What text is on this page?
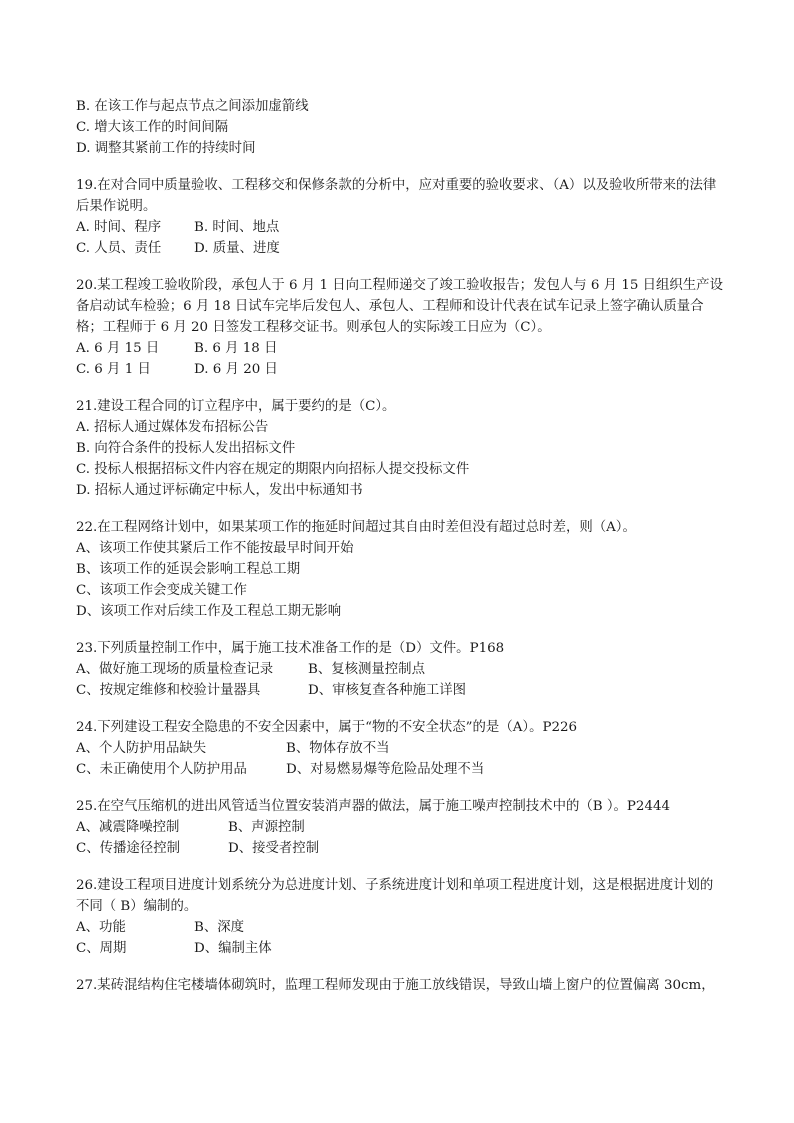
B. 在该工作与起点节点之间添加虚箭线
C. 增大该工作的时间间隔
D. 调整其紧前工作的持续时间
19.在对合同中质量验收、工程移交和保修条款的分析中，应对重要的验收要求、（A）以及验收所带来的法律后果作说明。
A. 时间、程序 B. 时间、地点
C. 人员、责任 D. 质量、进度
20.某工程竣工验收阶段，承包人于 6 月 1 日向工程师递交了竣工验收报告；发包人与 6 月 15 日组织生产设备启动试车检验；6 月 18 日试车完毕后发包人、承包人、工程师和设计代表在试车记录上签字确认质量合格；工程师于 6 月 20 日签发工程移交证书。则承包人的实际竣工日应为（C）。
A. 6 月 15 日	B. 6 月 18 日
C. 6 月 1 日	D. 6 月 20 日
21.建设工程合同的订立程序中，属于要约的是（C）。
A. 招标人通过媒体发布招标公告
B. 向符合条件的投标人发出招标文件
C. 投标人根据招标文件内容在规定的期限内向招标人提交投标文件
D. 招标人通过评标确定中标人，发出中标通知书
22.在工程网络计划中，如果某项工作的拖延时间超过其自由时差但没有超过总时差，则（A）。
A、该项工作使其紧后工作不能按最早时间开始
B、该项工作的延误会影响工程总工期
C、该项工作会变成关键工作
D、该项工作对后续工作及工程总工期无影响
23.下列质量控制工作中，属于施工技术准备工作的是（D）文件。P168
A、做好施工现场的质量检查记录	B、复核测量控制点
C、按规定维修和校验计量器具	D、审核复查各种施工详图
24.下列建设工程安全隐患的不安全因素中，属于“物的不安全状态”的是（A）。P226
A、个人防护用品缺失	B、物体存放不当
C、未正确使用个人防护用品	D、对易燃易爆等危险品处理不当
25.在空气压缩机的进出风管适当位置安装消声器的做法，属于施工噪声控制技术中的（B ）。P2444
A、减震降噪控制	B、声源控制
C、传播途径控制	D、接受者控制
26.建设工程项目进度计划系统分为总进度计划、子系统进度计划和单项工程进度计划，这是根据进度计划的不同（ B）编制的。
A、功能	B、深度
C、周期	D、编制主体
27.某砖混结构住宅楼墙体砌筑时，监理工程师发现由于施工放线错误，导致山墙上窗户的位置偏离 30cm，
